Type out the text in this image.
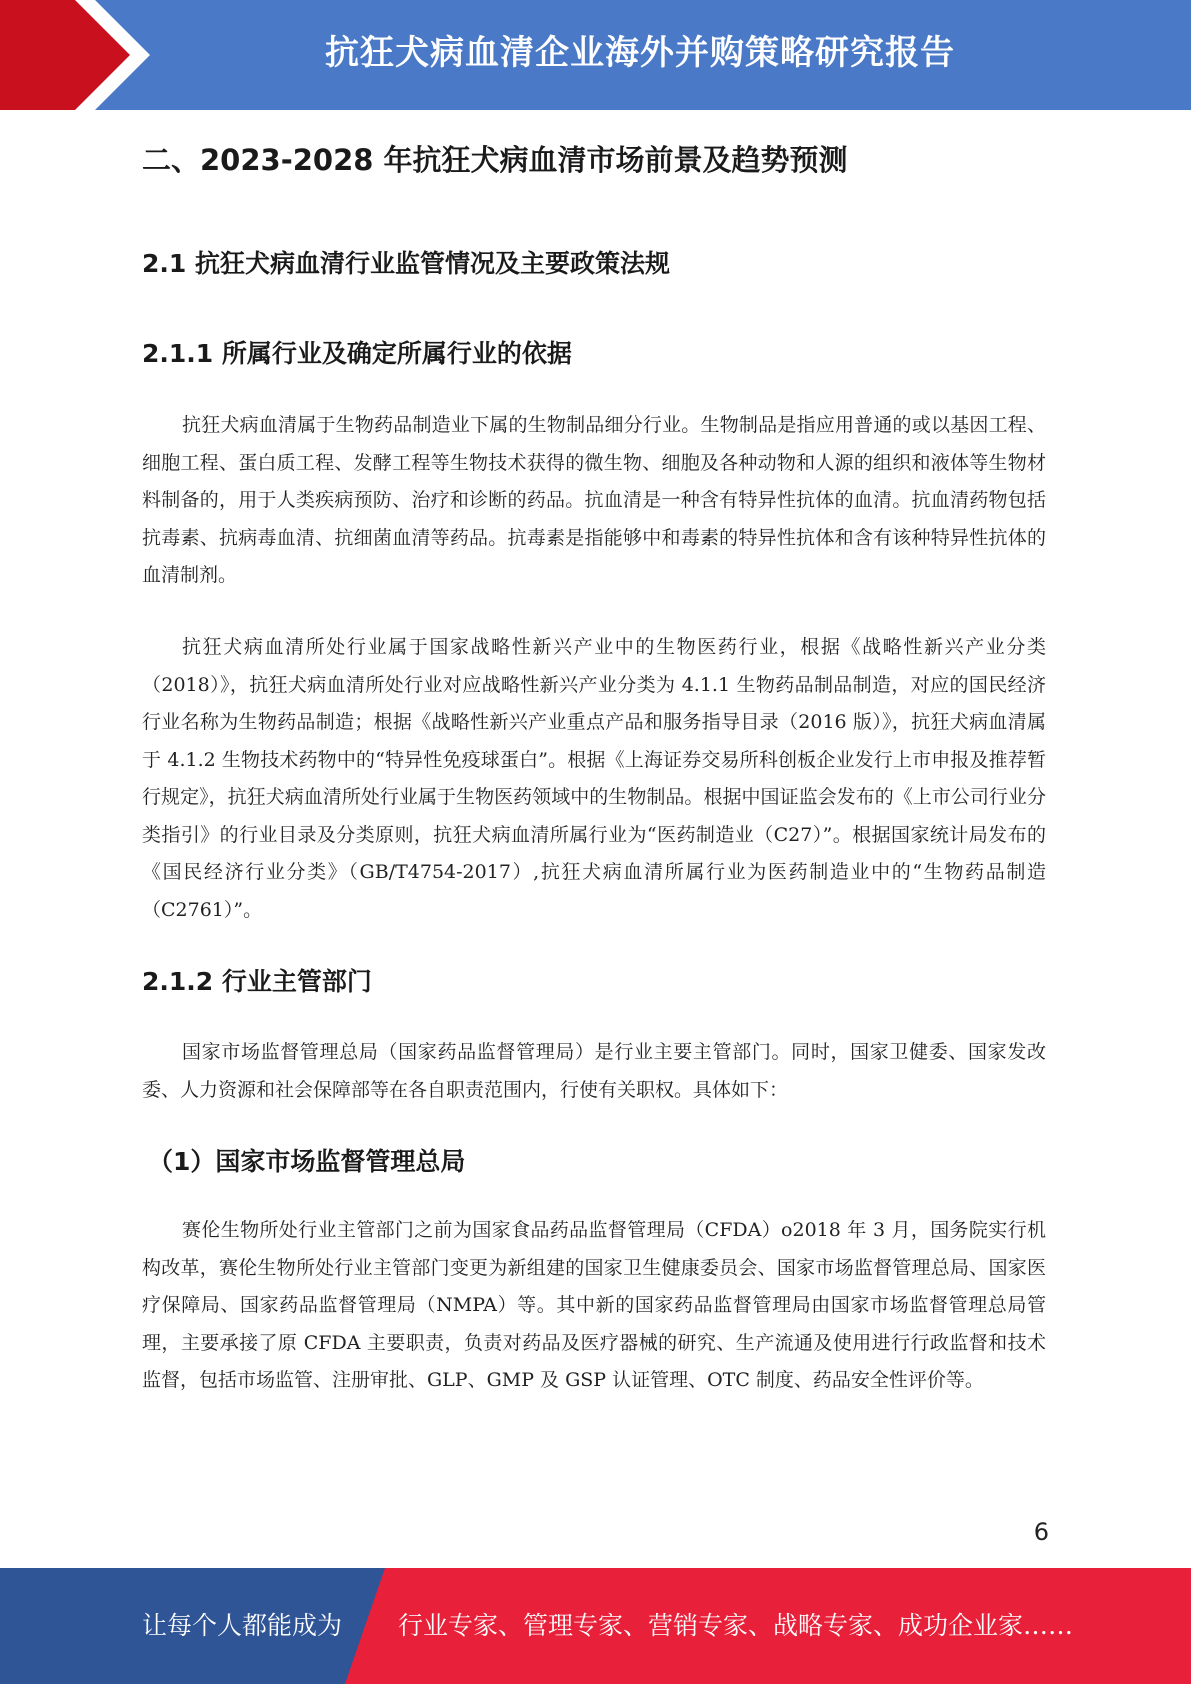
抗狂犬病血清企业海外并购策略研究报告
二、2023-2028 年抗狂犬病血清市场前景及趋势预测
2.1 抗狂犬病血清行业监管情况及主要政策法规
2.1.1 所属行业及确定所属行业的依据

抗狂犬病血清属于生物药品制造业下属的生物制品细分行业。生物制品是指应用普通的或以基因工程、细胞工程、蛋白质工程、发酵工程等生物技术获得的微生物、细胞及各种动物和人源的组织和液体等生物材料制备的，用于人类疾病预防、治疗和诊断的药品。抗血清是一种含有特异性抗体的血清。抗血清药物包括抗毒素、抗病毒血清、抗细菌血清等药品。抗毒素是指能够中和毒素的特异性抗体和含有该种特异性抗体的血清制剂。

抗狂犬病血清所处行业属于国家战略性新兴产业中的生物医药行业，根据《战略性新兴产业分类（2018）》，抗狂犬病血清所处行业对应战略性新兴产业分类为 4.1.1 生物药品制品制造，对应的国民经济行业名称为生物药品制造；根据《战略性新兴产业重点产品和服务指导目录（2016 版）》，抗狂犬病血清属于 4.1.2 生物技术药物中的“特异性免疫球蛋白”。根据《上海证券交易所科创板企业发行上市申报及推荐暂行规定》，抗狂犬病血清所处行业属于生物医药领域中的生物制品。根据中国证监会发布的《上市公司行业分类指引》的行业目录及分类原则，抗狂犬病血清所属行业为“医药制造业（C27）”。根据国家统计局发布的《国民经济行业分类》（GB/T4754-2017）,抗狂犬病血清所属行业为医药制造业中的“生物药品制造（C2761）”。

2.1.2 行业主管部门

国家市场监督管理总局（国家药品监督管理局）是行业主要主管部门。同时，国家卫健委、国家发改委、人力资源和社会保障部等在各自职责范围内，行使有关职权。具体如下：

（1）国家市场监督管理总局

赛伦生物所处行业主管部门之前为国家食品药品监督管理局（CFDA）o2018 年 3 月，国务院实行机构改革，赛伦生物所处行业主管部门变更为新组建的国家卫生健康委员会、国家市场监督管理总局、国家医疗保障局、国家药品监督管理局（NMPA）等。其中新的国家药品监督管理局由国家市场监督管理总局管理，主要承接了原 CFDA 主要职责，负责对药品及医疗器械的研究、生产流通及使用进行行政监督和技术监督，包括市场监管、注册审批、GLP、GMP 及 GSP 认证管理、OTC 制度、药品安全性评价等。

6
让每个人都能成为 行业专家、管理专家、营销专家、战略专家、成功企业家……
